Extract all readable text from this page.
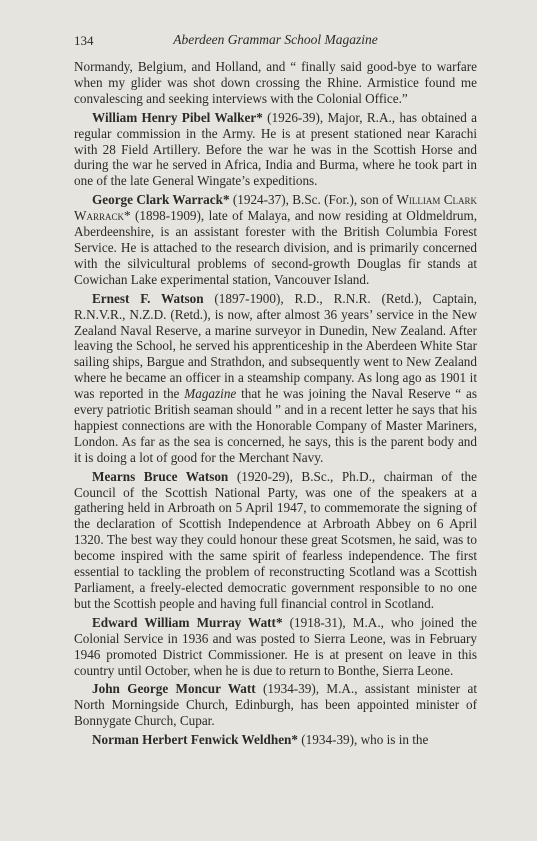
134	Aberdeen Grammar School Magazine

Normandy, Belgium, and Holland, and “ finally said good-bye to warfare when my glider was shot down crossing the Rhine. Armistice found me convalescing and seeking interviews with the Colonial Office.”

William Henry Pibel Walker* (1926-39), Major, R.A., has obtained a regular commission in the Army. He is at present stationed near Karachi with 28 Field Artillery. Before the war he was in the Scottish Horse and during the war he served in Africa, India and Burma, where he took part in one of the late General Wingate’s expeditions.

George Clark Warrack* (1924-37), B.Sc. (For.), son of William Clark Warrack* (1898-1909), late of Malaya, and now residing at Oldmeldrum, Aberdeenshire, is an assistant forester with the British Columbia Forest Service. He is attached to the research division, and is primarily concerned with the silvicultural problems of second-growth Douglas fir stands at Cowichan Lake experimental station, Vancouver Island.

Ernest F. Watson (1897-1900), R.D., R.N.R. (Retd.), Captain, R.N.V.R., N.Z.D. (Retd.), is now, after almost 36 years’ service in the New Zealand Naval Reserve, a marine surveyor in Dunedin, New Zealand. After leaving the School, he served his apprenticeship in the Aberdeen White Star sailing ships, Bargue and Strathdon, and subsequently went to New Zealand where he became an officer in a steamship company. As long ago as 1901 it was reported in the Magazine that he was joining the Naval Reserve “ as every patriotic British seaman should ” and in a recent letter he says that his happiest connections are with the Honorable Company of Master Mariners, London. As far as the sea is concerned, he says, this is the parent body and it is doing a lot of good for the Merchant Navy.

Mearns Bruce Watson (1920-29), B.Sc., Ph.D., chairman of the Council of the Scottish National Party, was one of the speakers at a gathering held in Arbroath on 5 April 1947, to commemorate the signing of the declaration of Scottish Independence at Arbroath Abbey on 6 April 1320. The best way they could honour these great Scotsmen, he said, was to become inspired with the same spirit of fearless independence. The first essential to tackling the problem of reconstructing Scotland was a Scottish Parliament, a freely-elected democratic government responsible to no one but the Scottish people and having full financial control in Scotland.

Edward William Murray Watt* (1918-31), M.A., who joined the Colonial Service in 1936 and was posted to Sierra Leone, was in February 1946 promoted District Commissioner. He is at present on leave in this country until October, when he is due to return to Bonthe, Sierra Leone.

John George Moncur Watt (1934-39), M.A., assistant minister at North Morningside Church, Edinburgh, has been appointed minister of Bonnygate Church, Cupar.

Norman Herbert Fenwick Weldhen* (1934-39), who is in the
